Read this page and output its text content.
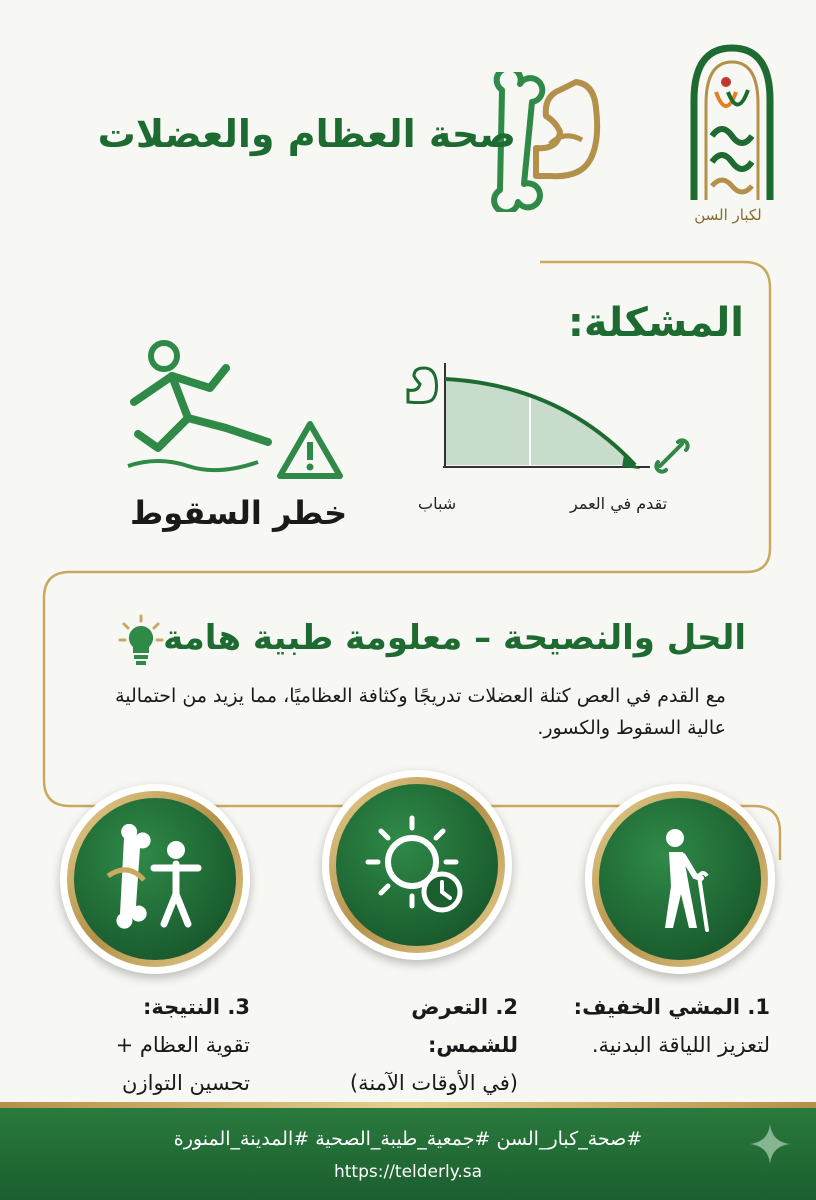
لكبار السن
صحة العظام والعضلات
المشكلة:
خطر السقوط	شباب	تقدم في العمر
الحل والنصيحة – معلومة طبية هامة
مع القدم في العص كتلة العضلات تدريجًا وكثافة العظاميًا، مما يزيد من احتمالية عالية السقوط والكسور.
1. المشي الخفيف:
لتعزيز اللياقة البدنية.
2. التعرض للشمس:
(في الأوقات الآمنة)
3. النتيجة:
تقوية العظام + تحسين التوازن
#صحة_كبار_السن #جمعية_طيبة_الصحية #المدينة_المنورة
https://telderly.sa
